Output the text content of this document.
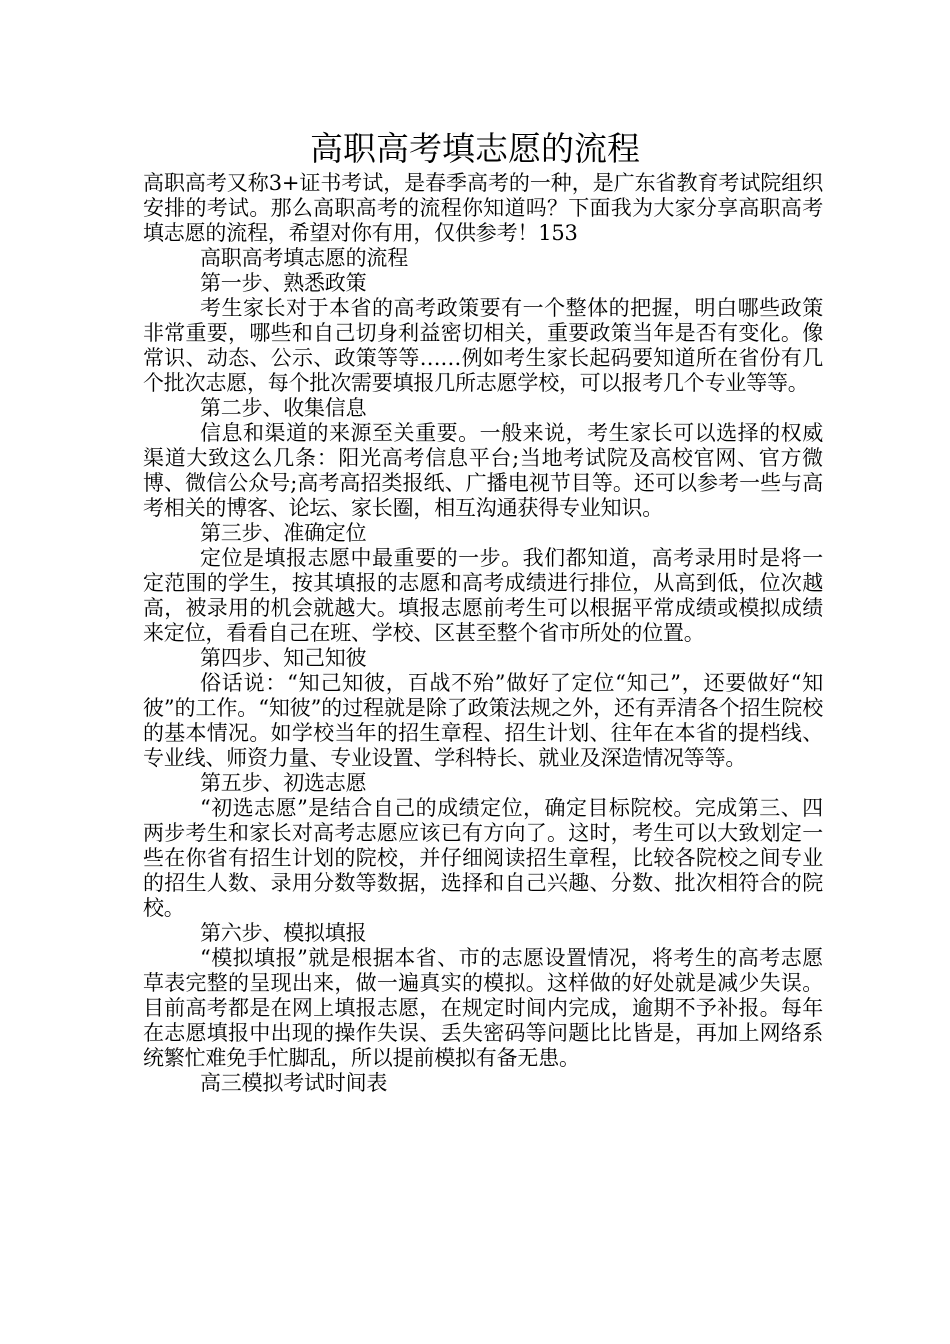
高职高考填志愿的流程

高职高考又称3+证书考试，是春季高考的一种，是广东省教育考试院组织安排的考试。那么高职高考的流程你知道吗？下面我为大家分享高职高考填志愿的流程，希望对你有用，仅供参考！153

高职高考填志愿的流程

第一步、熟悉政策

考生家长对于本省的高考政策要有一个整体的把握，明白哪些政策非常重要，哪些和自己切身利益密切相关，重要政策当年是否有变化。像常识、动态、公示、政策等等……例如考生家长起码要知道所在省份有几个批次志愿，每个批次需要填报几所志愿学校，可以报考几个专业等等。

第二步、收集信息

信息和渠道的来源至关重要。一般来说，考生家长可以选择的权威渠道大致这么几条：阳光高考信息平台;当地考试院及高校官网、官方微博、微信公众号;高考高招类报纸、广播电视节目等。还可以参考一些与高考相关的博客、论坛、家长圈，相互沟通获得专业知识。

第三步、准确定位

定位是填报志愿中最重要的一步。我们都知道，高考录用时是将一定范围的学生，按其填报的志愿和高考成绩进行排位，从高到低，位次越高，被录用的机会就越大。填报志愿前考生可以根据平常成绩或模拟成绩来定位，看看自己在班、学校、区甚至整个省市所处的位置。

第四步、知己知彼

俗话说：“知己知彼，百战不殆”做好了定位“知己”，还要做好“知彼”的工作。“知彼”的过程就是除了政策法规之外，还有弄清各个招生院校的基本情况。如学校当年的招生章程、招生计划、往年在本省的提档线、专业线、师资力量、专业设置、学科特长、就业及深造情况等等。

第五步、初选志愿

“初选志愿”是结合自己的成绩定位，确定目标院校。完成第三、四两步考生和家长对高考志愿应该已有方向了。这时，考生可以大致划定一些在你省有招生计划的院校，并仔细阅读招生章程，比较各院校之间专业的招生人数、录用分数等数据，选择和自己兴趣、分数、批次相符合的院校。

第六步、模拟填报

“模拟填报”就是根据本省、市的志愿设置情况，将考生的高考志愿草表完整的呈现出来，做一遍真实的模拟。这样做的好处就是减少失误。目前高考都是在网上填报志愿，在规定时间内完成，逾期不予补报。每年在志愿填报中出现的操作失误、丢失密码等问题比比皆是，再加上网络系统繁忙难免手忙脚乱，所以提前模拟有备无患。

高三模拟考试时间表
